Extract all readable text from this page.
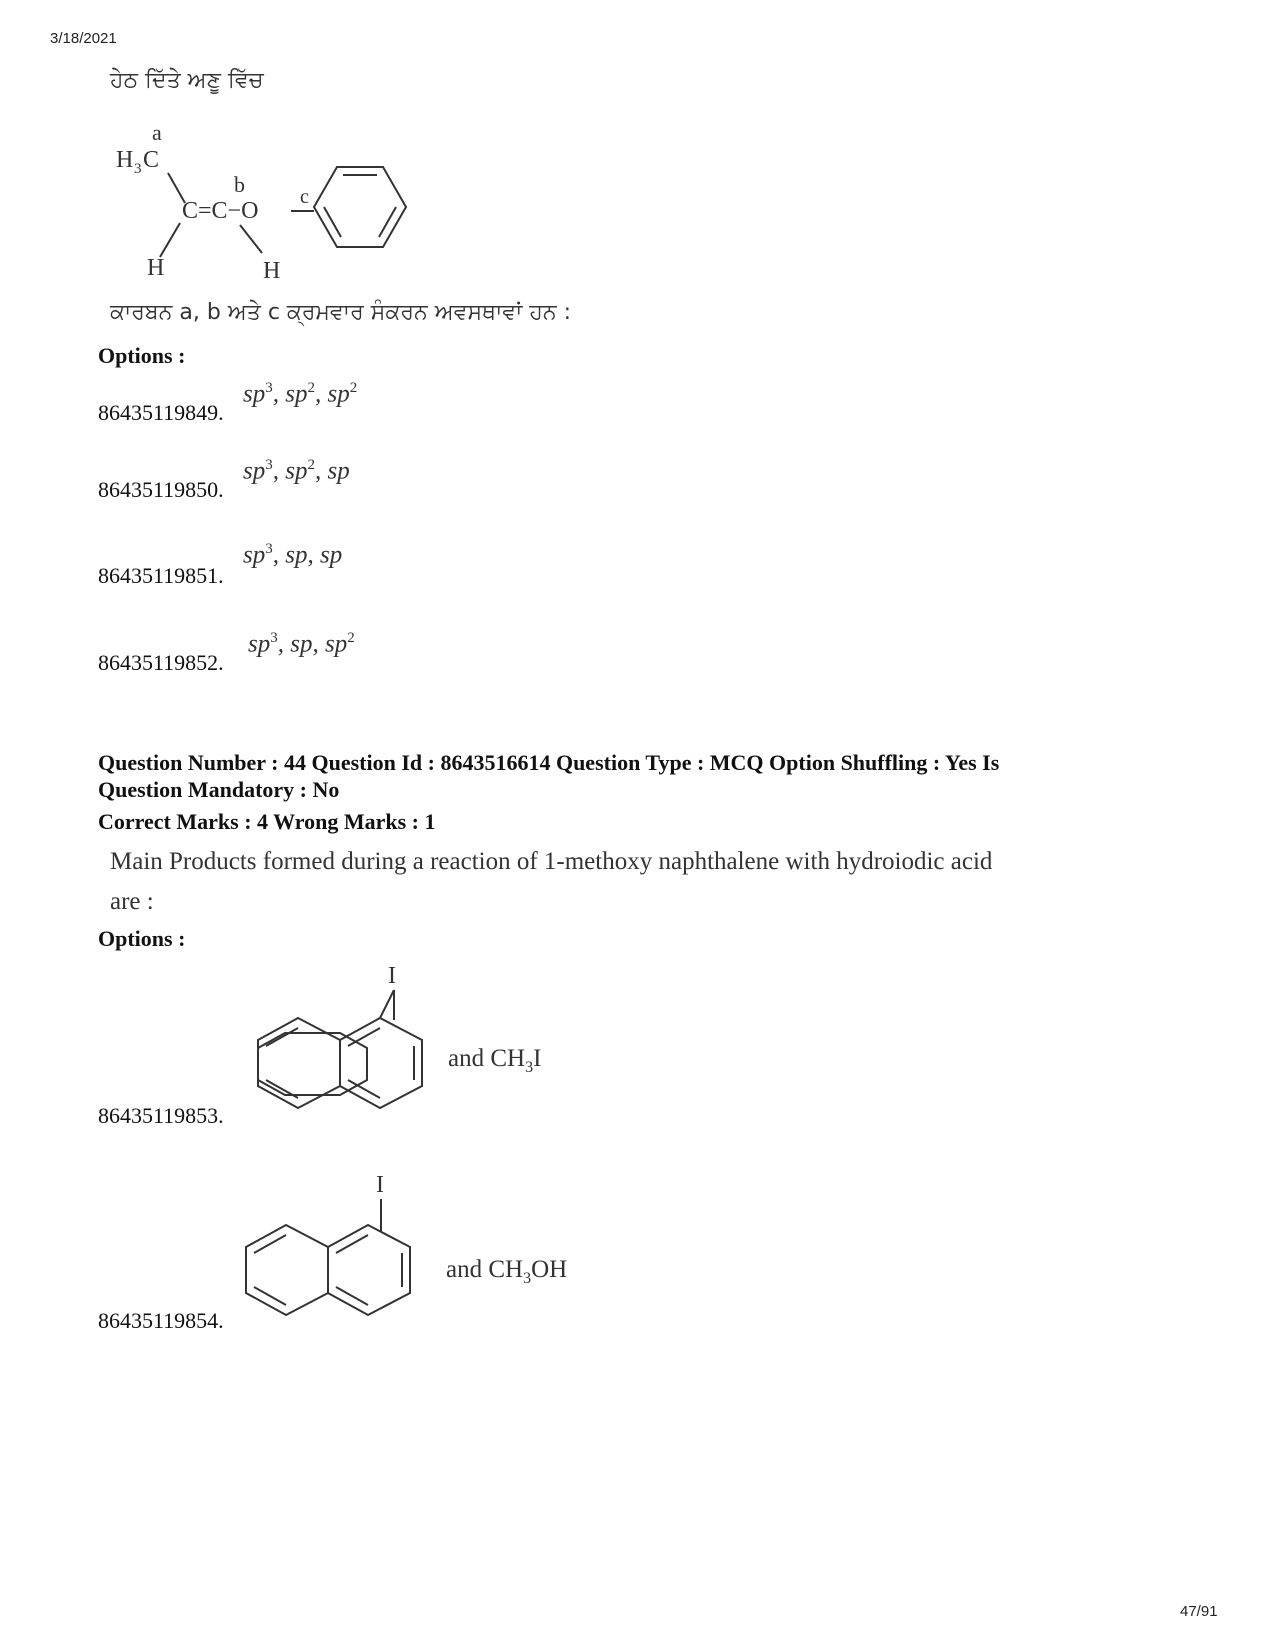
3/18/2021
ਹੇਠ ਦਿੱਤੇ ਅਣੂ ਵਿੱਚ
a
H 3 C
b
C=C−O
c
H	H
ਕਾਰਬਨ a, b ਅਤੇ c ਕ੍ਰਮਵਾਰ ਸੰਕਰਨ ਅਵਸਥਾਵਾਂ ਹਨ :
Options :
86435119849.
$sp^3$, $sp^2$, $sp^2$
86435119850.
$sp^3$, $sp^2$, sp
86435119851.
$sp^3$, sp, sp
86435119852.
$sp^3$, sp, $sp^2$
Question Number : 44 Question Id : 8643516614 Question Type : MCQ Option Shuffling : Yes Is
Question Mandatory : No
Correct Marks : 4 Wrong Marks : 1
Main Products formed during a reaction of 1-methoxy naphthalene with hydroiodic acid
are :
Options :
86435119853.
I
and $CH_3I$
86435119854.
I
and $CH_3OH$
47/91
